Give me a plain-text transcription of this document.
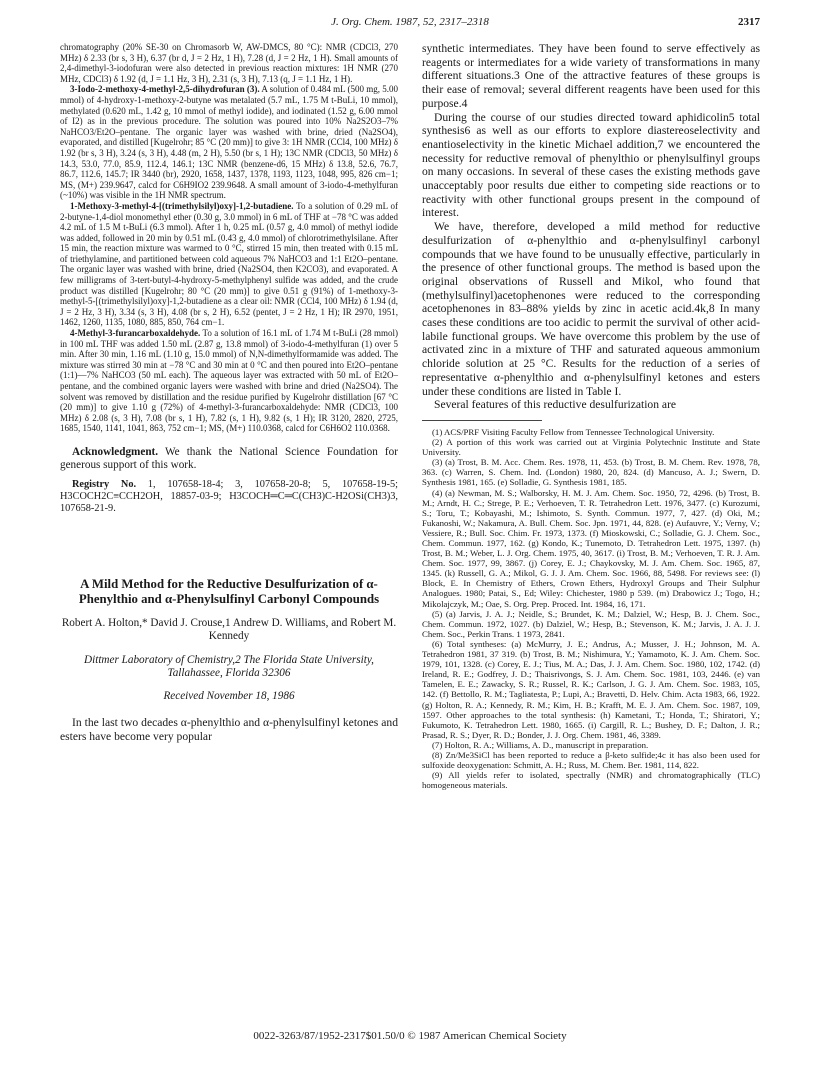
J. Org. Chem. 1987, 52, 2317–2318	2317

chromatography (20% SE-30 on Chromasorb W, AW-DMCS, 80 °C): NMR (CDCl3, 270 MHz) δ 2.33 (br s, 3 H), 6.37 (br d, J = 2 Hz, 1 H), 7.28 (d, J = 2 Hz, 1 H). Small amounts of 2,4-dimethyl-3-iodofuran were also detected in previous reaction mixtures: 1H NMR (270 MHz, CDCl3) δ 1.92 (d, J = 1.1 Hz, 3 H), 2.31 (s, 3 H), 7.13 (q, J = 1.1 Hz, 1 H).

3-Iodo-2-methoxy-4-methyl-2,5-dihydrofuran (3). A solution of 0.484 mL (500 mg, 5.00 mmol) of 4-hydroxy-1-methoxy-2-butyne was metalated (5.7 mL, 1.75 M t-BuLi, 10 mmol), methylated (0.620 mL, 1.42 g, 10 mmol of methyl iodide), and iodinated (1.52 g, 6.00 mmol of I2) as in the previous procedure. The solution was poured into 10% Na2S2O3–7% NaHCO3/Et2O–pentane. The organic layer was washed with brine, dried (Na2SO4), evaporated, and distilled [Kugelrohr; 85 °C (20 mm)] to give 3: 1H NMR (CCl4, 100 MHz) δ 1.92 (br s, 3 H), 3.24 (s, 3 H), 4.48 (m, 2 H), 5.50 (br s, 1 H); 13C NMR (CDCl3, 50 MHz) δ 14.3, 53.0, 77.0, 85.9, 112.4, 146.1; 13C NMR (benzene-d6, 15 MHz) δ 13.8, 52.6, 76.7, 86.7, 112.6, 145.7; IR 3440 (br), 2920, 1658, 1437, 1378, 1193, 1123, 1048, 995, 826 cm−1; MS, (M+) 239.9647, calcd for C6H9IO2 239.9648. A small amount of 3-iodo-4-methylfuran (~10%) was visible in the 1H NMR spectrum.

1-Methoxy-3-methyl-4-[(trimethylsilyl)oxy]-1,2-butadiene. To a solution of 0.29 mL of 2-butyne-1,4-diol monomethyl ether (0.30 g, 3.0 mmol) in 6 mL of THF at −78 °C was added 4.2 mL of 1.5 M t-BuLi (6.3 mmol). After 1 h, 0.25 mL (0.57 g, 4.0 mmol) of methyl iodide was added, followed in 20 min by 0.51 mL (0.43 g, 4.0 mmol) of chlorotrimethylsilane. After 15 min, the reaction mixture was warmed to 0 °C, stirred 15 min, then treated with 0.15 mL of triethylamine, and partitioned between cold aqueous 7% NaHCO3 and 1:1 Et2O–pentane. The organic layer was washed with brine, dried (Na2SO4, then K2CO3), and evaporated. A few milligrams of 3-tert-butyl-4-hydroxy-5-methylphenyl sulfide was added, and the crude product was distilled [Kugelrohr; 80 °C (20 mm)] to give 0.51 g (91%) of 1-methoxy-3-methyl-5-[(trimethylsilyl)oxy]-1,2-butadiene as a clear oil: NMR (CCl4, 100 MHz) δ 1.94 (d, J = 2 Hz, 3 H), 3.34 (s, 3 H), 4.08 (br s, 2 H), 6.52 (pentet, J = 2 Hz, 1 H); IR 2970, 1951, 1462, 1260, 1135, 1080, 885, 850, 764 cm−1.

4-Methyl-3-furancarboxaldehyde. To a solution of 16.1 mL of 1.74 M t-BuLi (28 mmol) in 100 mL THF was added 1.50 mL (2.87 g, 13.8 mmol) of 3-iodo-4-methylfuran (1) over 5 min. After 30 min, 1.16 mL (1.10 g, 15.0 mmol) of N,N-dimethylformamide was added. The mixture was stirred 30 min at −78 °C and 30 min at 0 °C and then poured into Et2O–pentane (1:1)—7% NaHCO3 (50 mL each). The aqueous layer was extracted with 50 mL of Et2O–pentane, and the combined organic layers were washed with brine and dried (Na2SO4). The solvent was removed by distillation and the residue purified by Kugelrohr distillation [67 °C (20 mm)] to give 1.10 g (72%) of 4-methyl-3-furancarboxaldehyde: NMR (CDCl3, 100 MHz) δ 2.08 (s, 3 H), 7.08 (br s, 1 H), 7.82 (s, 1 H), 9.82 (s, 1 H); IR 3120, 2820, 2725, 1685, 1540, 1141, 1041, 863, 752 cm−1; MS, (M+) 110.0368, calcd for C6H6O2 110.0368.

Acknowledgment. We thank the National Science Foundation for generous support of this work.

Registry No. 1, 107658-18-4; 3, 107658-20-8; 5, 107658-19-5; H3COCH2C≡CCH2OH, 18857-03-9; H3COCH═C═C(CH3)C-H2OSi(CH3)3, 107658-21-9.

A Mild Method for the Reductive Desulfurization of α-Phenylthio and α-Phenylsulfinyl Carbonyl Compounds
Robert A. Holton,* David J. Crouse,1 Andrew D. Williams, and Robert M. Kennedy
Dittmer Laboratory of Chemistry,2 The Florida State University, Tallahassee, Florida 32306
Received November 18, 1986

In the last two decades α-phenylthio and α-phenylsulfinyl ketones and esters have become very popular

synthetic intermediates. They have been found to serve effectively as reagents or intermediates for a wide variety of transformations in many different situations.3 One of the attractive features of these groups is their ease of removal; several different reagents have been used for this purpose.4

During the course of our studies directed toward aphidicolin5 total synthesis6 as well as our efforts to explore diastereoselectivity and enantioselectivity in the kinetic Michael addition,7 we encountered the necessity for reductive removal of phenylthio or phenylsulfinyl groups on many occasions. In several of these cases the existing methods gave unacceptably poor results due either to competing side reactions or to reactivity with other functional groups present in the compound of interest.

We have, therefore, developed a mild method for reductive desulfurization of α-phenylthio and α-phenylsulfinyl carbonyl compounds that we have found to be unusually effective, particularly in the presence of other functional groups. The method is based upon the original observations of Russell and Mikol, who found that (methylsulfinyl)acetophenones were reduced to the corresponding acetophenones in 83–88% yields by zinc in acetic acid.4k,8 In many cases these conditions are too acidic to permit the survival of other acid-labile functional groups. We have overcome this problem by the use of activated zinc in a mixture of THF and saturated aqueous ammonium chloride solution at 25 °C. Results for the reduction of a series of representative α-phenylthio and α-phenylsulfinyl ketones and esters under these conditions are listed in Table I.

Several features of this reductive desulfurization are

(1) ACS/PRF Visiting Faculty Fellow from Tennessee Technological University.

(2) A portion of this work was carried out at Virginia Polytechnic Institute and State University.

(3) (a) Trost, B. M. Acc. Chem. Res. 1978, 11, 453. (b) Trost, B. M. Chem. Rev. 1978, 78, 363. (c) Warren, S. Chem. Ind. (London) 1980, 20, 824. (d) Mancuso, A. J.; Swern, D. Synthesis 1981, 165. (e) Solladie, G. Synthesis 1981, 185.

(4) (a) Newman, M. S.; Walborsky, H. M. J. Am. Chem. Soc. 1950, 72, 4296. (b) Trost, B. M.; Arndt, H. C.; Strege, P. E.; Verhoeven, T. R. Tetrahedron Lett. 1976, 3477. (c) Kurozumi, S.; Toru, T.; Kobayashi, M.; Ishimoto, S. Synth. Commun. 1977, 7, 427. (d) Oki, M.; Fukanoshi, W.; Nakamura, A. Bull. Chem. Soc. Jpn. 1971, 44, 828. (e) Aufauvre, Y.; Verny, V.; Vessiere, R.; Bull. Soc. Chim. Fr. 1973, 1373. (f) Mioskowski, C.; Solladie, G. J. Chem. Soc., Chem. Commun. 1977, 162. (g) Kondo, K.; Tunemoto, D. Tetrahedron Lett. 1975, 1397. (h) Trost, B. M.; Weber, L. J. Org. Chem. 1975, 40, 3617. (i) Trost, B. M.; Verhoeven, T. R. J. Am. Chem. Soc. 1977, 99, 3867. (j) Corey, E. J.; Chaykovsky, M. J. Am. Chem. Soc. 1965, 87, 1345. (k) Russell, G. A.; Mikol, G. J. J. Am. Chem. Soc. 1966, 88, 5498. For reviews see: (l) Block, E. In Chemistry of Ethers, Crown Ethers, Hydroxyl Groups and Their Sulphur Analogues. 1980; Patai, S., Ed; Wiley: Chichester, 1980 p 539. (m) Drabowicz J.; Togo, H.; Mikolajczyk, M.; Oae, S. Org. Prep. Proced. Int. 1984, 16, 171.

(5) (a) Jarvis, J. A. J.; Neidle, S.; Brundet, K. M.; Dalziel, W.; Hesp, B. J. Chem. Soc., Chem. Commun. 1972, 1027. (b) Dalziel, W.; Hesp, B.; Stevenson, K. M.; Jarvis, J. A. J. J. Chem. Soc., Perkin Trans. 1 1973, 2841.

(6) Total syntheses: (a) McMurry, J. E.; Andrus, A.; Musser, J. H.; Johnson, M. A. Tetrahedron 1981, 37 319. (b) Trost, B. M.; Nishimura, Y.; Yamamoto, K. J. Am. Chem. Soc. 1979, 101, 1328. (c) Corey, E. J.; Tius, M. A.; Das, J. J. Am. Chem. Soc. 1980, 102, 1742. (d) Ireland, R. E.; Godfrey, J. D.; Thaisrivongs, S. J. Am. Chem. Soc. 1981, 103, 2446. (e) van Tamelen, E. E.; Zawacky, S. R.; Russel, R. K.; Carlson, J. G. J. Am. Chem. Soc. 1983, 105, 142. (f) Bettollo, R. M.; Tagliatesta, P.; Lupi, A.; Bravetti, D. Helv. Chim. Acta 1983, 66, 1922. (g) Holton, R. A.; Kennedy, R. M.; Kim, H. B.; Krafft, M. E. J. Am. Chem. Soc. 1987, 109, 1597. Other approaches to the total synthesis: (h) Kametani, T.; Honda, T.; Shiratori, Y.; Fukumoto, K. Tetrahedron Lett. 1980, 1665. (i) Cargill, R. L.; Bushey, D. F.; Dalton, J. R.; Prasad, R. S.; Dyer, R. D.; Bonder, J. J. Org. Chem. 1981, 46, 3389.

(7) Holton, R. A.; Williams, A. D., manuscript in preparation.

(8) Zn/Me3SiCl has been reported to reduce a β-keto sulfide;4c it has also been used for sulfoxide deoxygenation: Schmitt, A. H.; Russ, M. Chem. Ber. 1981, 114, 822.

(9) All yields refer to isolated, spectrally (NMR) and chromatographically (TLC) homogeneous materials.

0022-3263/87/1952-2317$01.50/0 © 1987 American Chemical Society
